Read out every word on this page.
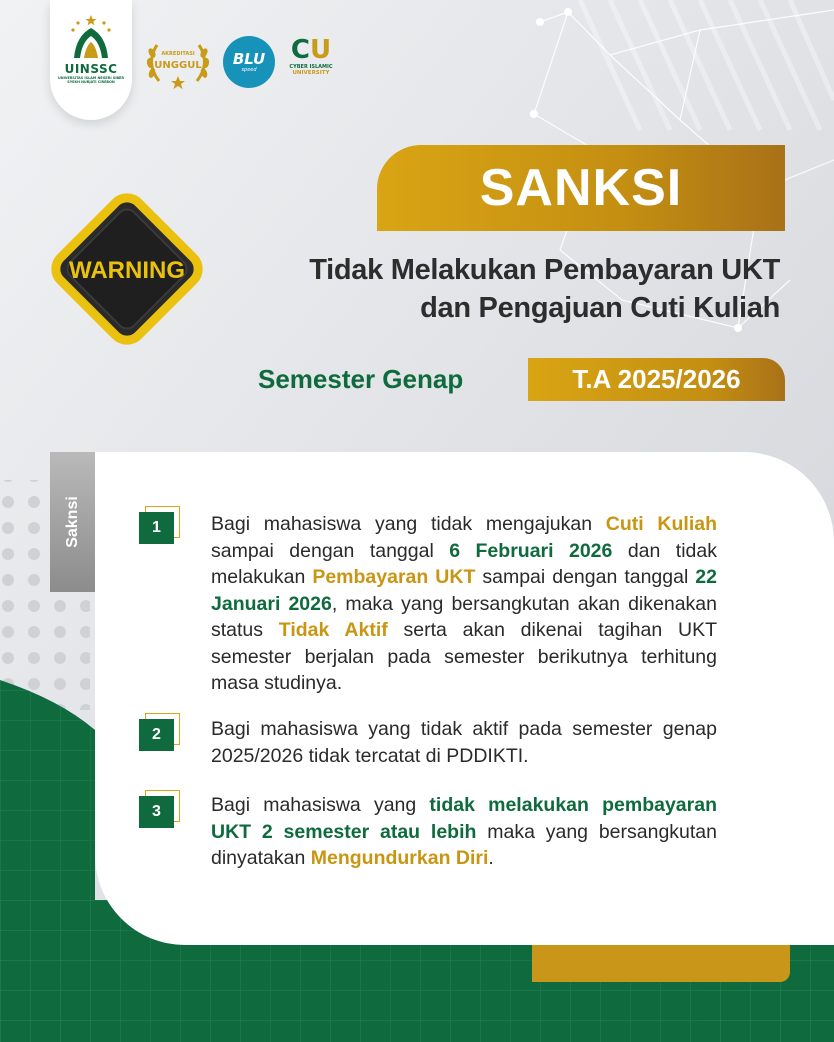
UINSSC
UNIVERSITAS ISLAM NEGERI SIBER SYEKH NURJATI CIREBON
AKREDITASI
UNGGUL BLU
speed
CU
CYBER ISLAMIC
UNIVERSITY
WARNING
SANKSI
Tidak Melakukan Pembayaran UKT
dan Pengajuan Cuti Kuliah
Semester Genap	T.A 2025/2026
Saknsi	1	Bagi mahasiswa yang tidak mengajukan Cuti Kuliah sampai dengan tanggal 6 Februari 2026 dan tidak melakukan Pembayaran UKT sampai dengan tanggal 22 Januari 2026, maka yang bersangkutan akan dikenakan status Tidak Aktif serta akan dikenai tagihan UKT semester berjalan pada semester berikutnya terhitung masa studinya.
2	Bagi mahasiswa yang tidak aktif pada semester genap 2025/2026 tidak tercatat di PDDIKTI.
3	Bagi mahasiswa yang tidak melakukan pembayaran UKT 2 semester atau lebih maka yang bersangkutan dinyatakan Mengundurkan Diri.
